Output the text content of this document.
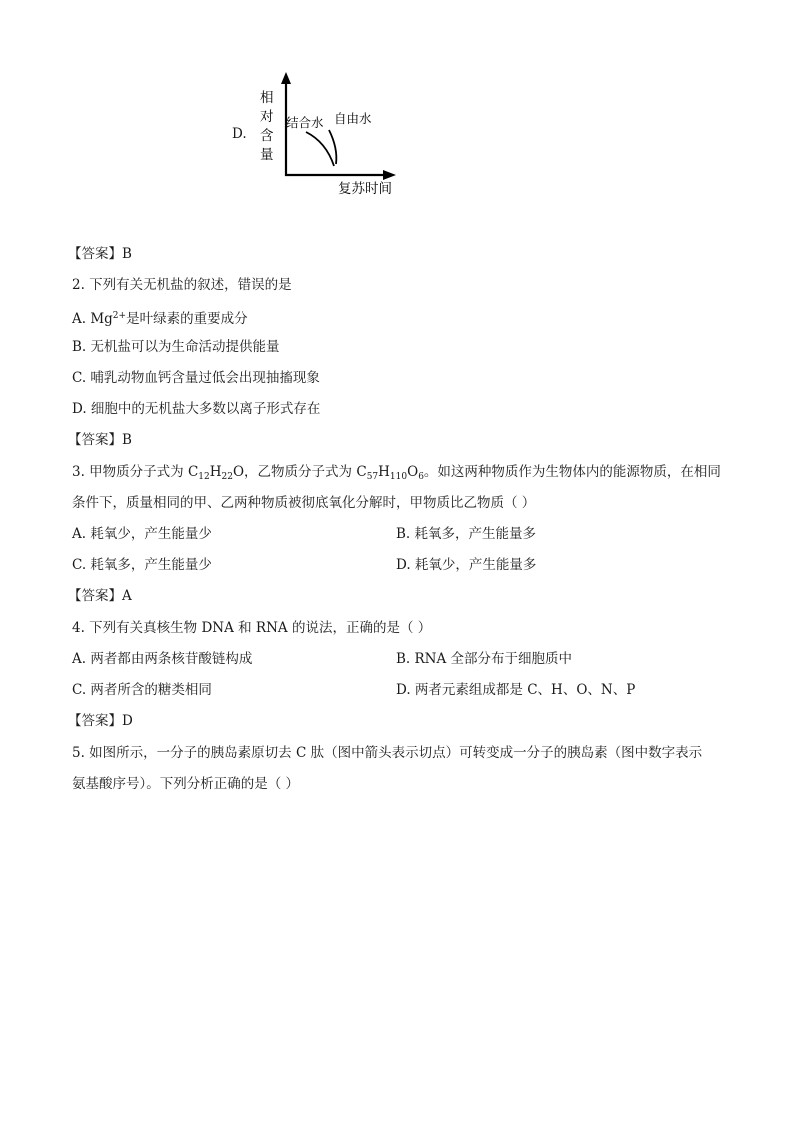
D.
相
对
含
量
结合水 自由水
复苏时间
【答案】B
2. 下列有关无机盐的叙述，错误的是
A. $Mg^{2+}$是叶绿素的重要成分
B. 无机盐可以为生命活动提供能量
C. 哺乳动物血钙含量过低会出现抽搐现象
D. 细胞中的无机盐大多数以离子形式存在
【答案】B
3. 甲物质分子式为 $C_{12}H_{22}O$，乙物质分子式为 $C_{57}H_{110}O_6$。如这两种物质作为生物体内的能源物质，在相同
条件下，质量相同的甲、乙两种物质被彻底氧化分解时，甲物质比乙物质（ ）
A. 耗氧少，产生能量少	B. 耗氧多，产生能量多
C. 耗氧多，产生能量少	D. 耗氧少，产生能量多
【答案】A
4. 下列有关真核生物 DNA 和 RNA 的说法，正确的是（ ）
A. 两者都由两条核苷酸链构成	B. RNA 全部分布于细胞质中
C. 两者所含的糖类相同	D. 两者元素组成都是 C、H、O、N、P
【答案】D
5. 如图所示，一分子的胰岛素原切去 C 肽（图中箭头表示切点）可转变成一分子的胰岛素（图中数字表示
氨基酸序号）。下列分析正确的是（ ）
